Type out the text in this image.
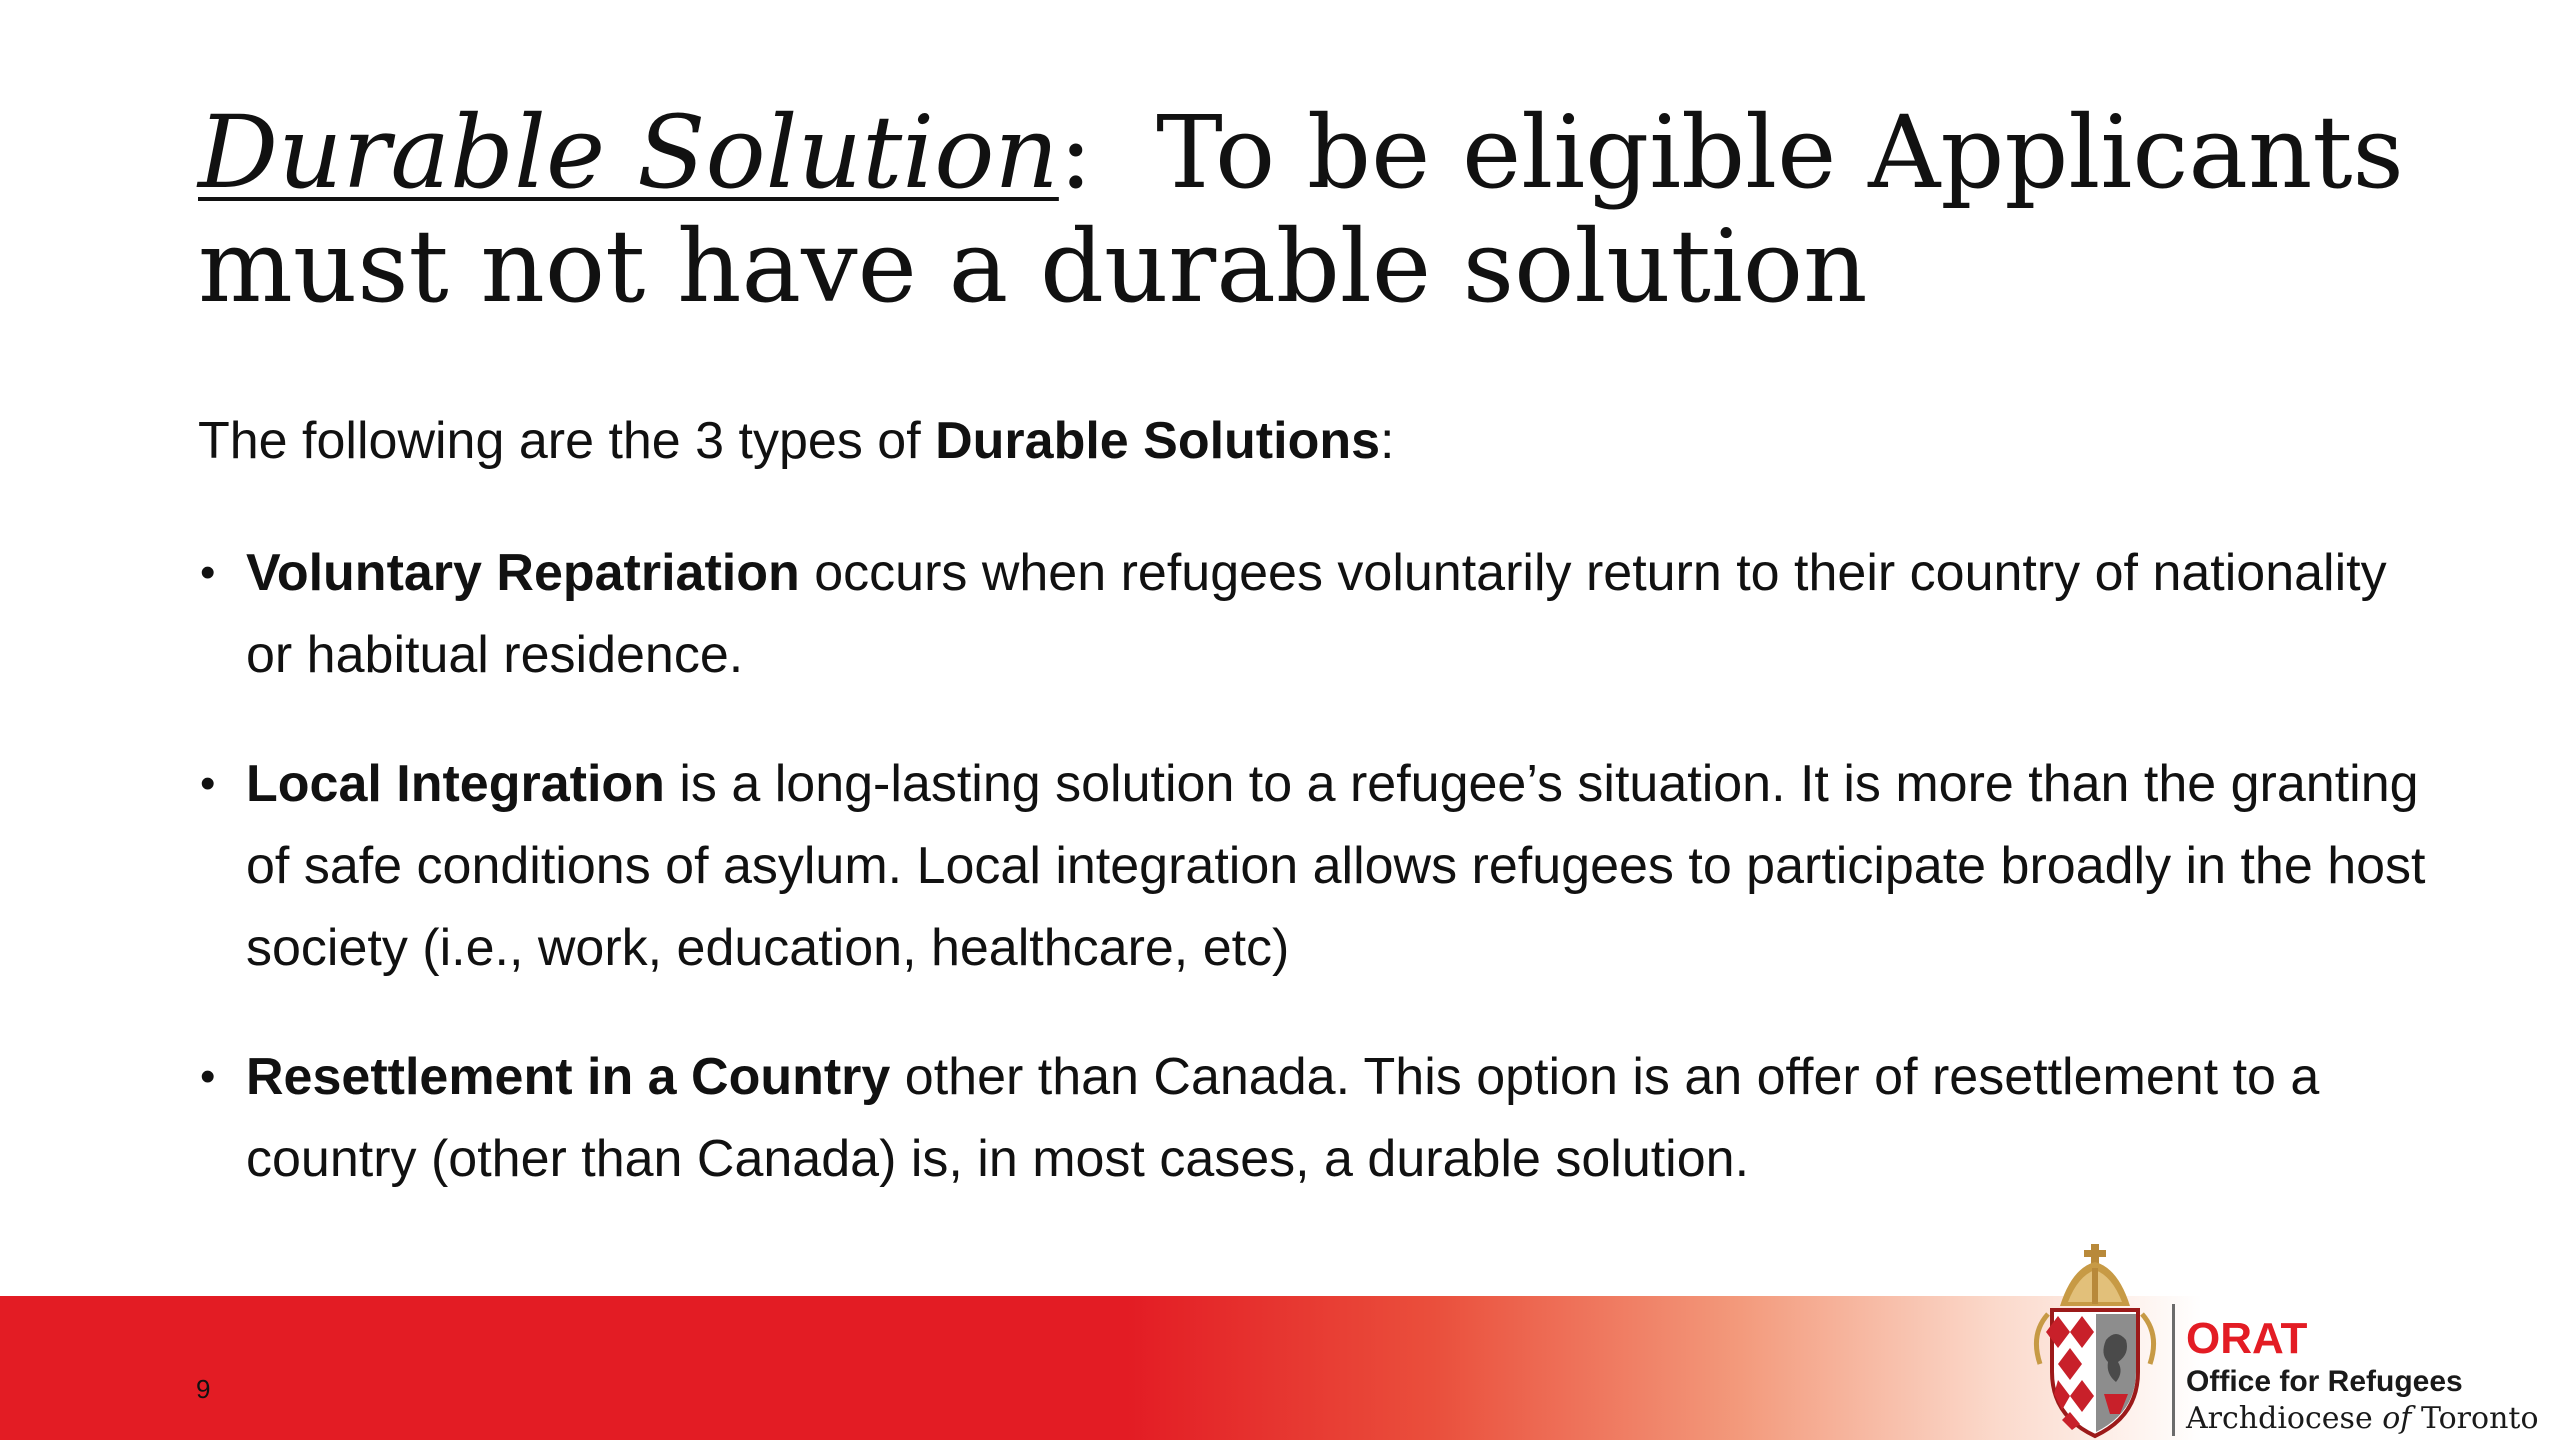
Durable Solution:  To be eligible Applicants must not have a durable solution

The following are the 3 types of Durable Solutions:

• Voluntary Repatriation occurs when refugees voluntarily return to their country of nationality or habitual residence.
• Local Integration is a long-lasting solution to a refugee’s situation. It is more than the granting of safe conditions of asylum. Local integration allows refugees to participate broadly in the host society (i.e., work, education, healthcare, etc)
• Resettlement in a Country other than Canada. This option is an offer of resettlement to a country (other than Canada) is, in most cases, a durable solution.
9
ORAT
Office for Refugees
Archdiocese of Toronto
